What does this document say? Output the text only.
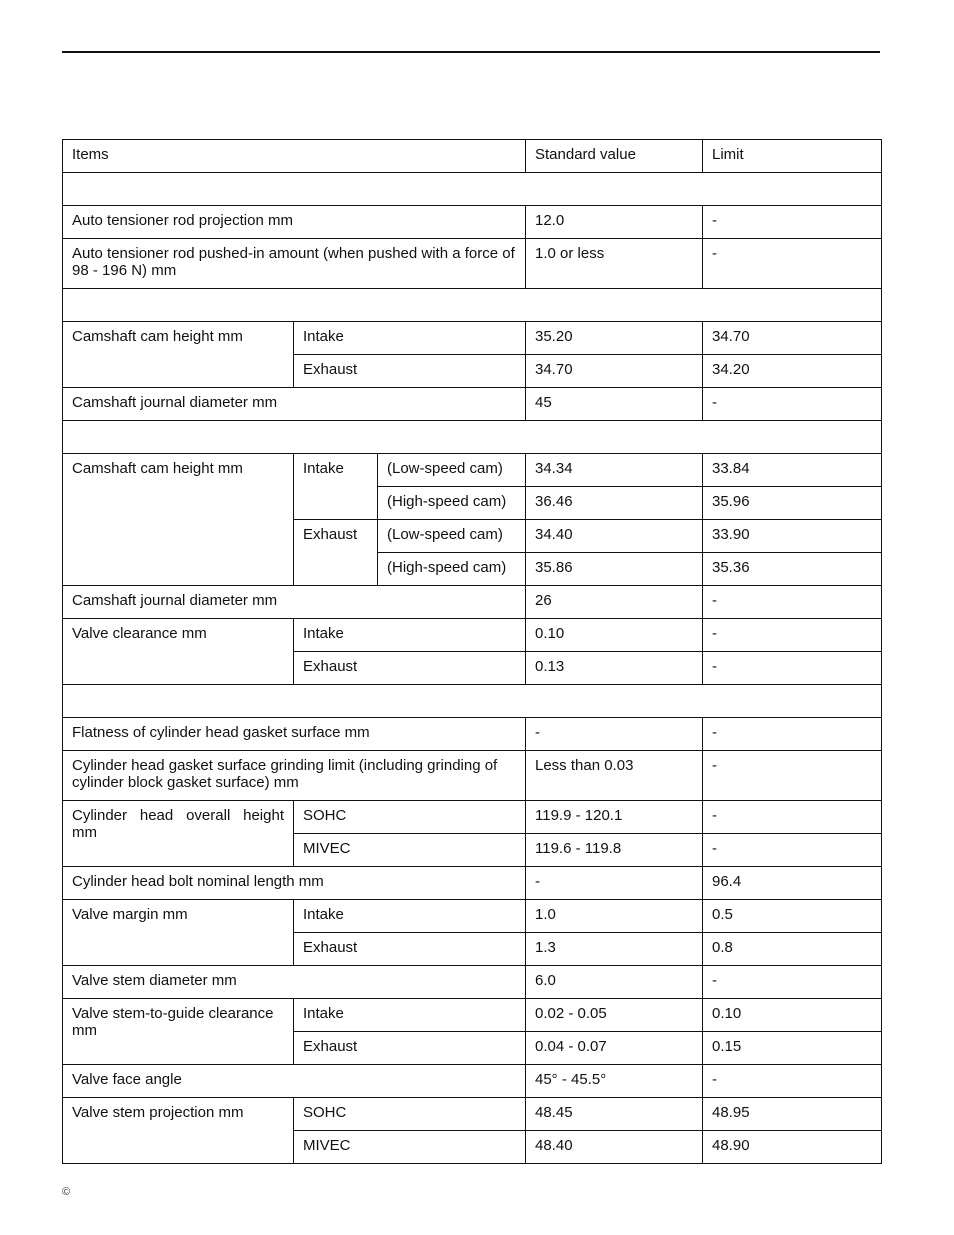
Items			Standard value	Limit

Auto tensioner rod projection mm			12.0	-
Auto tensioner rod pushed-in amount (when pushed with a force of 98 - 196 N) mm			1.0 or less	-

Camshaft cam height mm	Intake		35.20	34.70
	Exhaust		34.70	34.20
Camshaft journal diameter mm			45	-

Camshaft cam height mm	Intake	(Low-speed cam)	34.34	33.84
		(High-speed cam)	36.46	35.96
	Exhaust	(Low-speed cam)	34.40	33.90
		(High-speed cam)	35.86	35.36
Camshaft journal diameter mm			26	-
Valve clearance mm	Intake		0.10	-
	Exhaust		0.13	-

Flatness of cylinder head gasket surface mm			-	-
Cylinder head gasket surface grinding limit (including grinding of cylinder block gasket surface) mm			Less than 0.03	-
Cylinder head overall height mm	SOHC		119.9 - 120.1	-
	MIVEC		119.6 - 119.8	-
Cylinder head bolt nominal length mm			-	96.4
Valve margin mm	Intake		1.0	0.5
	Exhaust		1.3	0.8
Valve stem diameter mm			6.0	-
Valve stem-to-guide clearance mm	Intake		0.02 - 0.05	0.10
	Exhaust		0.04 - 0.07	0.15
Valve face angle			45° - 45.5°	-
Valve stem projection mm	SOHC		48.45	48.95
	MIVEC		48.40	48.90
©
